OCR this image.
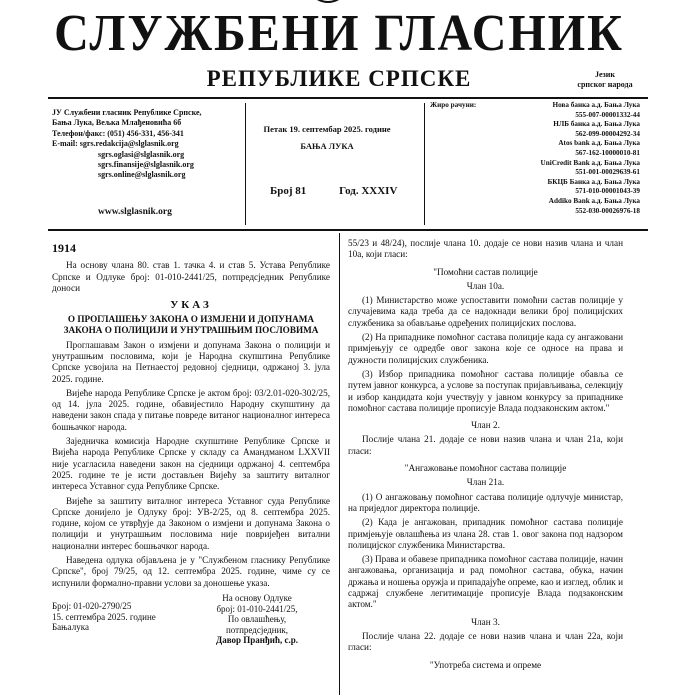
СЛУЖБЕНИ ГЛАСНИК
РЕПУБЛИКЕ СРПСКЕ	Језик
српског народа
ЈУ Службени гласник Републике Српске,
Бања Лука, Вељка Млађеновића 6б
Телефон/факс: (051) 456-331, 456-341
E-mail: sgrs.redakcija@slglasnik.org
sgrs.oglasi@slglasnik.org
sgrs.finansije@slglasnik.org
sgrs.online@slglasnik.org
www.slglasnik.org
Петак 19. септембар 2025. године
БАЊА ЛУКА
Број 81	Год. XXXIV
Жиро рачуни:	Нова банка а.д. Бања Лука
555-007-00001332-44
НЛБ банка а.д. Бања Лука
562-099-00004292-34
Atos bank а.д. Бања Лука
567-162-10000010-81
UniCredit Bank а.д. Бања Лука
551-001-00029639-61
БКЦБ Банка а.д. Бања Лука
571-010-00001043-39
Addiko Bank а.д. Бања Лука
552-030-00026976-18

1914

На основу члана 80. став 1. тачка 4. и став 5. Устава Републике Српске и Одлуке број: 01-010-2441/25, потпредсједник Републике доноси

УКАЗ

О ПРОГЛАШЕЊУ ЗАКОНА О ИЗМЈЕНИ И ДОПУНАМА ЗАКОНА О ПОЛИЦИЈИ И УНУТРАШЊИМ ПОСЛОВИМА

Проглашавам Закон о измјени и допунама Закона о полицији и унутрашњим пословима, који је Народна скупштина Републике Српске усвојила на Петнаестој редовној сједници, одржаној 3. јула 2025. године.

Вијеће народа Републике Српске је актом број: 03/2.01-020-302/25, од 14. јула 2025. године, обавијестило Народну скупштину да наведени закон спада у питање повреде витаног националног интереса бошњачког народа.

Заједничка комисија Народне скупштине Републике Српске и Вијећа народа Републике Српске у складу са Амандманом LXXVII није усагласила наведени закон на сједници одржаној 4. септембра 2025. године те је исти достављен Вијећу за заштиту виталног интереса Уставног суда Републике Српске.

Вијеће за заштиту виталног интереса Уставног суда Републике Српске донијело је Одлуку број: УВ-2/25, од 8. септембра 2025. године, којом се утврђује да Законом о измјени и допунама Закона о полицији и унутрашњим пословима није повријеђен витални национални интерес бошњачког народа.

Наведена одлука објављена је у "Службеном гласнику Републике Српске", број 79/25, од 12. септембра 2025. године, чиме су се испунили формално-правни услови за доношење указа.

Број: 01-020-2790/25
15. септембра 2025. године
Бањалука
На основу Одлуке
број: 01-010-2441/25,
По овлашћењу,
потпредсједник,
Давор Пранђић, с.р.

55/23 и 48/24), послије члана 10. додаје се нови назив члана и члан 10а, који гласи:

"Помоћни састав полиције

Члан 10а.

(1) Министарство може успоставити помоћни састав полиције у случајевима када треба да се надокнади велики број полицијских службеника за обављање одређених полицијских послова.

(2) На припаднике помоћног састава полиције када су ангажовани примјењују се одредбе овог закона које се односе на права и дужности полицијских службеника.

(3) Избор припадника помоћног састава полиције обавља се путем јавног конкурса, а услове за поступак пријављивања, селекцију и избор кандидата који учествују у јавном конкурсу за припаднике помоћног састава полиције прописује Влада подзаконским актом."

Члан 2.

Послије члана 21. додаје се нови назив члана и члан 21а, који гласи:

"Ангажовање помоћног састава полиције

Члан 21а.

(1) О ангажовању помоћног састава полиције одлучује министар, на приједлог директора полиције.

(2) Када је ангажован, припадник помоћног састава полиције примјењује овлашћења из члана 28. став 1. овог закона под надзором полицијског службеника Министарства.

(3) Права и обавезе припадника помоћног састава полиције, начин ангажовања, организација и рад помоћног састава, обука, начин држања и ношења оружја и припадајуће опреме, као и изглед, облик и садржај службене легитимације прописује Влада подзаконским актом."

Члан 3.

Послије члана 22. додаје се нови назив члана и члан 22а, који гласи:

"Употреба система и опреме
